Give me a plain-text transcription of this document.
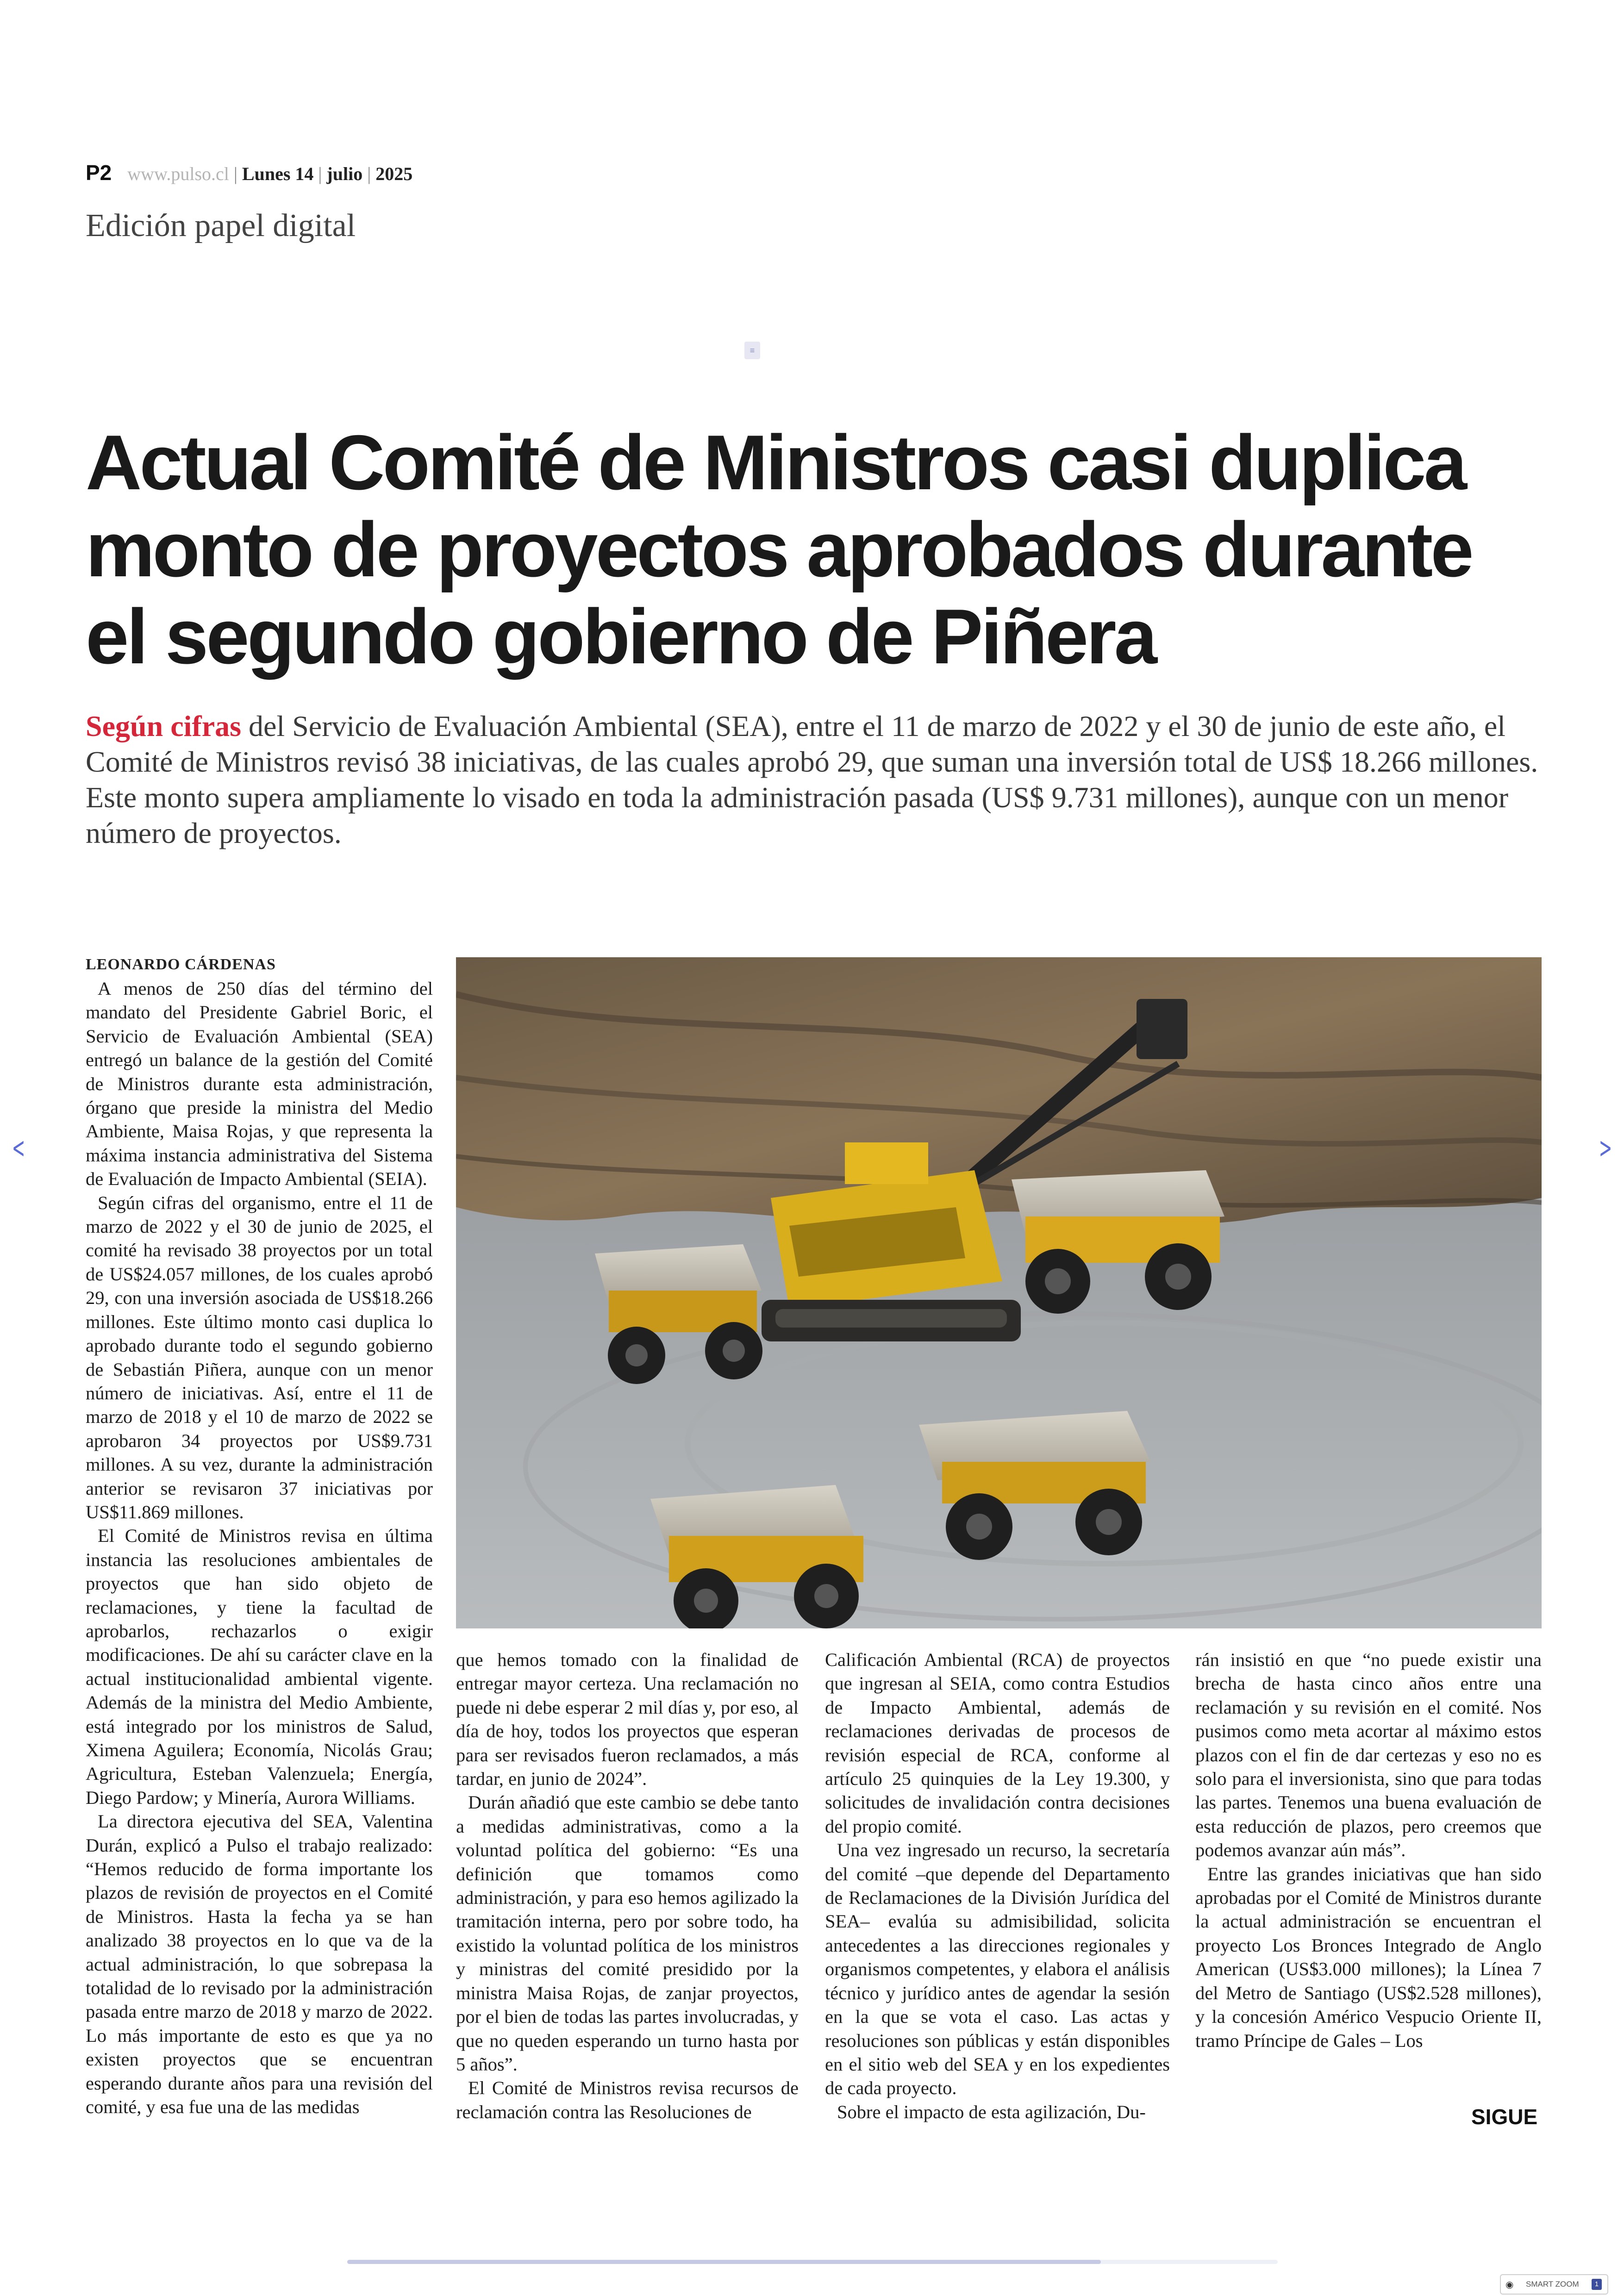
P2 www.pulso.cl | Lunes 14 | julio | 2025
Edición papel digital
≡
Actual Comité de Ministros casi duplica monto de proyectos aprobados durante el segundo gobierno de Piñera

Según cifras del Servicio de Evaluación Ambiental (SEA), entre el 11 de marzo de 2022 y el 30 de junio de este año, el Comité de Ministros revisó 38 iniciativas, de las cuales aprobó 29, que suman una inversión total de US$ 18.266 millones. Este monto supera ampliamente lo visado en toda la administración pasada (US$ 9.731 millones), aunque con un menor número de proyectos.

<	>
LEONARDO CÁRDENAS

A menos de 250 días del término del mandato del Presidente Gabriel Boric, el Servicio de Evaluación Ambiental (SEA) entregó un balance de la gestión del Comité de Ministros durante esta administración, órgano que preside la ministra del Medio Ambiente, Maisa Rojas, y que representa la máxima instancia administrativa del Sistema de Evaluación de Impacto Ambiental (SEIA).

Según cifras del organismo, entre el 11 de marzo de 2022 y el 30 de junio de 2025, el comité ha revisado 38 proyectos por un total de US$24.057 millones, de los cuales aprobó 29, con una inversión asociada de US$18.266 millones. Este último monto casi duplica lo aprobado durante todo el segundo gobierno de Sebastián Piñera, aunque con un menor número de iniciativas. Así, entre el 11 de marzo de 2018 y el 10 de marzo de 2022 se aprobaron 34 proyectos por US$9.731 millones. A su vez, durante la administración anterior se revisaron 37 iniciativas por US$11.869 millones.

El Comité de Ministros revisa en última instancia las resoluciones ambientales de proyectos que han sido objeto de reclamaciones, y tiene la facultad de aprobarlos, rechazarlos o exigir modificaciones. De ahí su carácter clave en la actual institucionalidad ambiental vigente. Además de la ministra del Medio Ambiente, está integrado por los ministros de Salud, Ximena Aguilera; Economía, Nicolás Grau; Agricultura, Esteban Valenzuela; Energía, Diego Pardow; y Minería, Aurora Williams.

La directora ejecutiva del SEA, Valentina Durán, explicó a Pulso el trabajo realizado: “Hemos reducido de forma importante los plazos de revisión de proyectos en el Comité de Ministros. Hasta la fecha ya se han analizado 38 proyectos en lo que va de la actual administración, lo que sobrepasa la totalidad de lo revisado por la administración pasada entre marzo de 2018 y marzo de 2022. Lo más importante de esto es que ya no existen proyectos que se encuentran esperando durante años para una revisión del comité, y esa fue una de las medidas

que hemos tomado con la finalidad de entregar mayor certeza. Una reclamación no puede ni debe esperar 2 mil días y, por eso, al día de hoy, todos los proyectos que esperan para ser revisados fueron reclamados, a más tardar, en junio de 2024”.

Durán añadió que este cambio se debe tanto a medidas administrativas, como a la voluntad política del gobierno: “Es una definición que tomamos como administración, y para eso hemos agilizado la tramitación interna, pero por sobre todo, ha existido la voluntad política de los ministros y ministras del comité presidido por la ministra Maisa Rojas, de zanjar proyectos, por el bien de todas las partes involucradas, y que no queden esperando un turno hasta por 5 años”.

El Comité de Ministros revisa recursos de reclamación contra las Resoluciones de

Calificación Ambiental (RCA) de proyectos que ingresan al SEIA, como contra Estudios de Impacto Ambiental, además de reclamaciones derivadas de procesos de revisión especial de RCA, conforme al artículo 25 quinquies de la Ley 19.300, y solicitudes de invalidación contra decisiones del propio comité.

Una vez ingresado un recurso, la secretaría del comité –que depende del Departamento de Reclamaciones de la División Jurídica del SEA– evalúa su admisibilidad, solicita antecedentes a las direcciones regionales y organismos competentes, y elabora el análisis técnico y jurídico antes de agendar la sesión en la que se vota el caso. Las actas y resoluciones son públicas y están disponibles en el sitio web del SEA y en los expedientes de cada proyecto.

Sobre el impacto de esta agilización, Du-

rán insistió en que “no puede existir una brecha de hasta cinco años entre una reclamación y su revisión en el comité. Nos pusimos como meta acortar al máximo estos plazos con el fin de dar certezas y eso no es solo para el inversionista, sino que para todas las partes. Tenemos una buena evaluación de esta reducción de plazos, pero creemos que podemos avanzar aún más”.

Entre las grandes iniciativas que han sido aprobadas por el Comité de Ministros durante la actual administración se encuentran el proyecto Los Bronces Integrado de Anglo American (US$3.000 millones); la Línea 7 del Metro de Santiago (US$2.528 millones), y la concesión Américo Vespucio Oriente II, tramo Príncipe de Gales – Los

SIGUE
◉ SMART ZOOM	1
